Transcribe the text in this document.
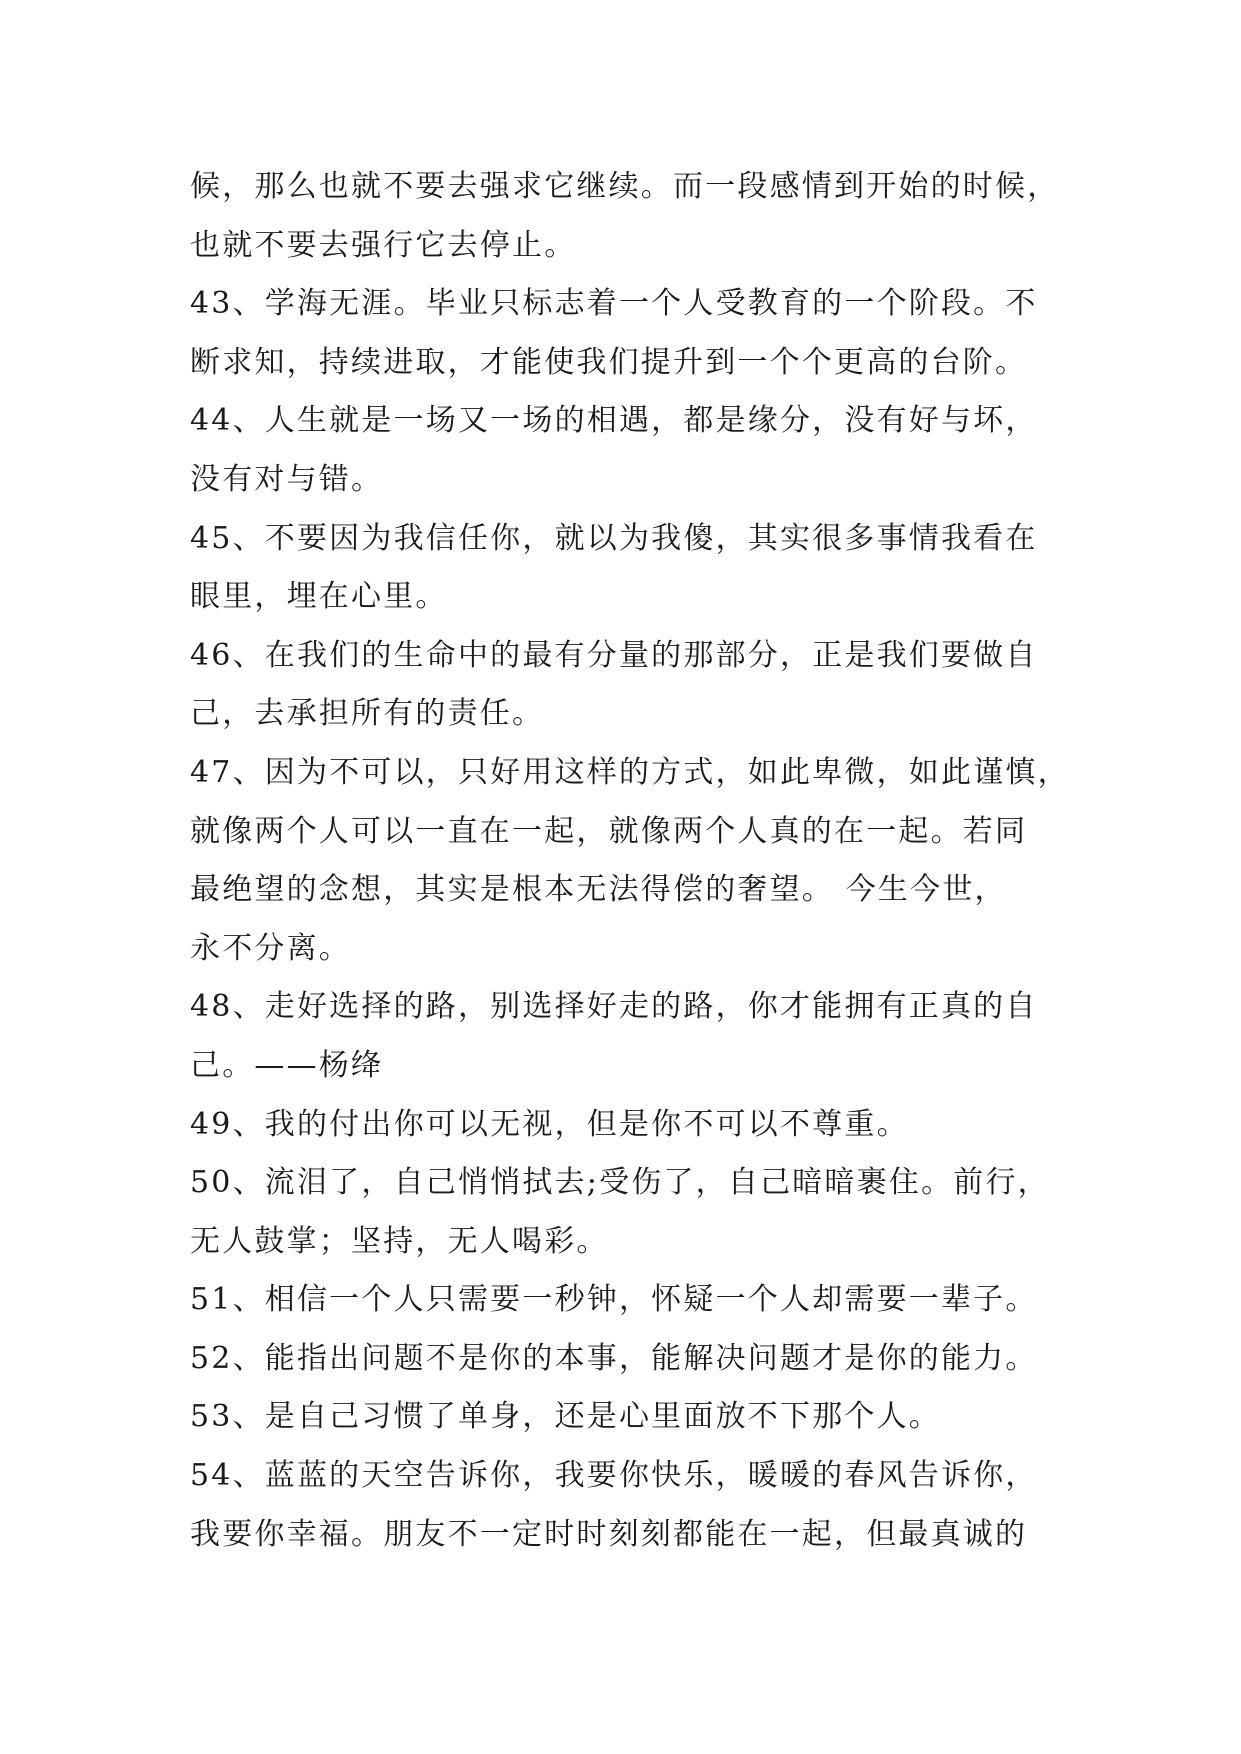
候，那么也就不要去强求它继续。而一段感情到开始的时候，
也就不要去强行它去停止。
43、学海无涯。毕业只标志着一个人受教育的一个阶段。不
断求知，持续进取，才能使我们提升到一个个更高的台阶。
44、人生就是一场又一场的相遇，都是缘分，没有好与坏，
没有对与错。
45、不要因为我信任你，就以为我傻，其实很多事情我看在
眼里，埋在心里。
46、在我们的生命中的最有分量的那部分，正是我们要做自
己，去承担所有的责任。
47、因为不可以，只好用这样的方式，如此卑微，如此谨慎，
就像两个人可以一直在一起，就像两个人真的在一起。若同
最绝望的念想，其实是根本无法得偿的奢望。 今生今世，
永不分离。
48、走好选择的路，别选择好走的路，你才能拥有正真的自
己。——杨绛
49、我的付出你可以无视，但是你不可以不尊重。
50、流泪了，自己悄悄拭去;受伤了，自己暗暗裹住。前行，
无人鼓掌；坚持，无人喝彩。
51、相信一个人只需要一秒钟，怀疑一个人却需要一辈子。
52、能指出问题不是你的本事，能解决问题才是你的能力。
53、是自己习惯了单身，还是心里面放不下那个人。
54、蓝蓝的天空告诉你，我要你快乐，暖暖的春风告诉你，
我要你幸福。朋友不一定时时刻刻都能在一起，但最真诚的
